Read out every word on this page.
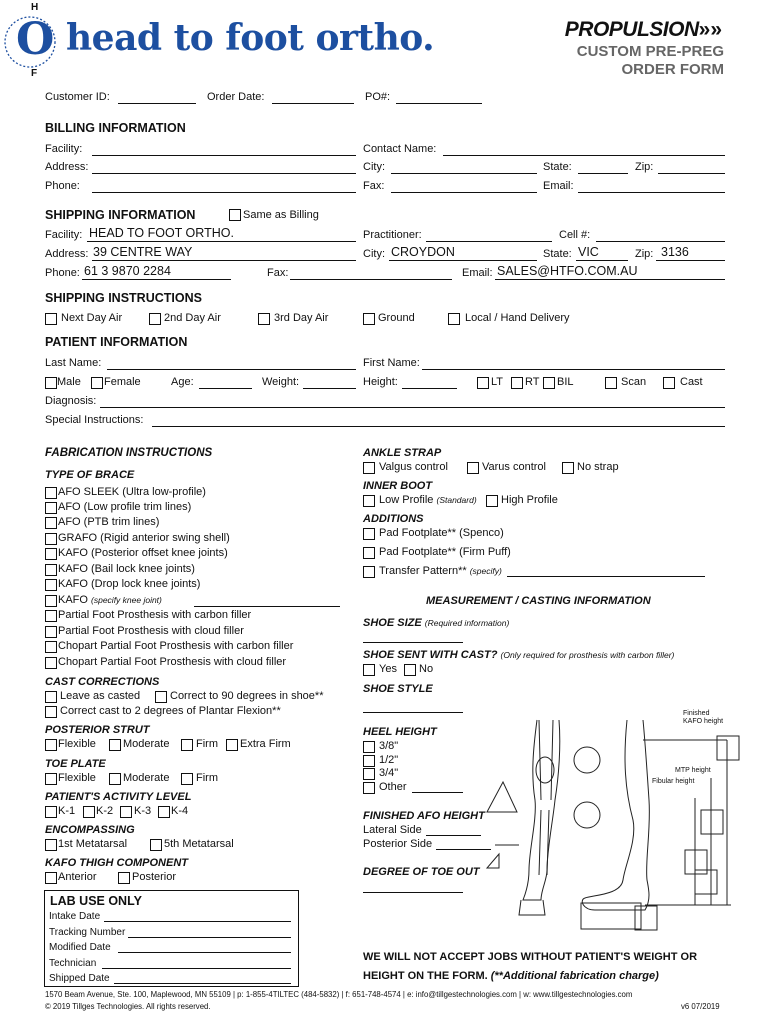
H
O
F
head to foot ortho.	PROPULSION»»
CUSTOM PRE-PREG
ORDER FORM
Customer ID:	Order Date:	PO#:
BILLING INFORMATION
Facility:	Contact Name:
Address:	City:	State:	Zip:
Phone:	Fax:	Email:
SHIPPING INFORMATION	Same as Billing
Facility: HEAD TO FOOT ORTHO.	Practitioner:	Cell #:
Address: 39 CENTRE WAY	City: CROYDON	State: VIC	Zip: 3136
Phone: 61 3 9870 2284	Fax:	Email: SALES@HTFO.COM.AU
SHIPPING INSTRUCTIONS
Next Day Air	2nd Day Air	3rd Day Air	Ground	Local / Hand Delivery
PATIENT INFORMATION
Last Name:	First Name:
Male Female	Age:	Weight:	Height:	LT RT BIL	Scan	Cast
Diagnosis:
Special Instructions:
FABRICATION INSTRUCTIONS
TYPE OF BRACE
AFO SLEEK (Ultra low-profile)
AFO (Low profile trim lines)
AFO (PTB trim lines)
GRAFO (Rigid anterior swing shell)
KAFO (Posterior offset knee joints)
KAFO (Bail lock knee joints)
KAFO (Drop lock knee joints)
KAFO (specify knee joint)
Partial Foot Prosthesis with carbon filler
Partial Foot Prosthesis with cloud filler
Chopart Partial Foot Prosthesis with carbon filler
Chopart Partial Foot Prosthesis with cloud filler
CAST CORRECTIONS
Leave as casted	Correct to 90 degrees in shoe**
Correct cast to 2 degrees of Plantar Flexion**
POSTERIOR STRUT
Flexible Moderate Firm Extra Firm
TOE PLATE
Flexible Moderate Firm
PATIENT'S ACTIVITY LEVEL
K-1 K-2 K-3 K-4
ENCOMPASSING
1st Metatarsal	5th Metatarsal
KAFO THIGH COMPONENT
Anterior	Posterior
LAB USE ONLY
Intake Date
Tracking Number
Modified Date
Technician
Shipped Date
ANKLE STRAP
Valgus control	Varus control	No strap
INNER BOOT
Low Profile (Standard) High Profile
ADDITIONS
Pad Footplate** (Spenco)
Pad Footplate** (Firm Puff)
Transfer Pattern** (specify)
MEASUREMENT / CASTING INFORMATION
SHOE SIZE (Required information)
SHOE SENT WITH CAST? (Only required for prosthesis with carbon filler)
Yes No
SHOE STYLE
HEEL HEIGHT
3/8"
1/2"
3/4"
Other
FINISHED AFO HEIGHT
Lateral Side
Posterior Side
DEGREE OF TOE OUT
Finished
KAFO height
MTP height
Fibular height
WE WILL NOT ACCEPT JOBS WITHOUT PATIENT'S WEIGHT OR
HEIGHT ON THE FORM. (**Additional fabrication charge)
1570 Beam Avenue, Ste. 100, Maplewood, MN 55109 | p: 1-855-4TILTEC (484-5832) | f: 651-748-4574 | e: info@tillgestechnologies.com | w: www.tillgestechnologies.com
© 2019 Tillges Technologies. All rights reserved.	v6 07/2019
